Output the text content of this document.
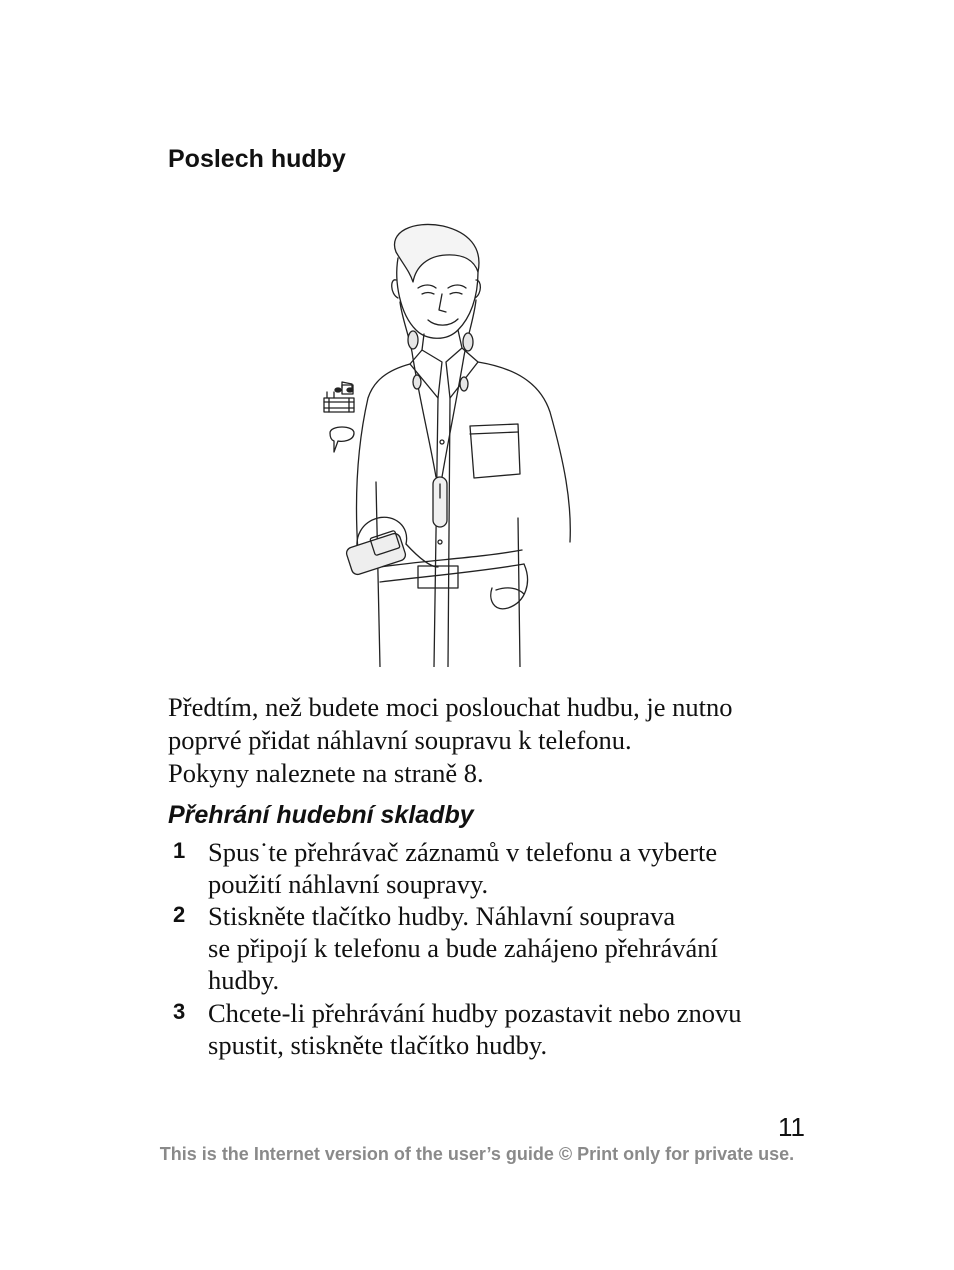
Poslech hudby
Předtím, než budete moci poslouchat hudbu, je nutno
poprvé přidat náhlavní soupravu k telefonu.
Pokyny naleznete na straně 8.
Přehrání hudební skladby
1 Spus˙te přehrávač záznamů v telefonu a vyberte
použití náhlavní soupravy.
2 Stiskněte tlačítko hudby. Náhlavní souprava
se připojí k telefonu a bude zahájeno přehrávání
hudby.
3 Chcete-li přehrávání hudby pozastavit nebo znovu
spustit, stiskněte tlačítko hudby.
11
This is the Internet version of the user’s guide © Print only for private use.
